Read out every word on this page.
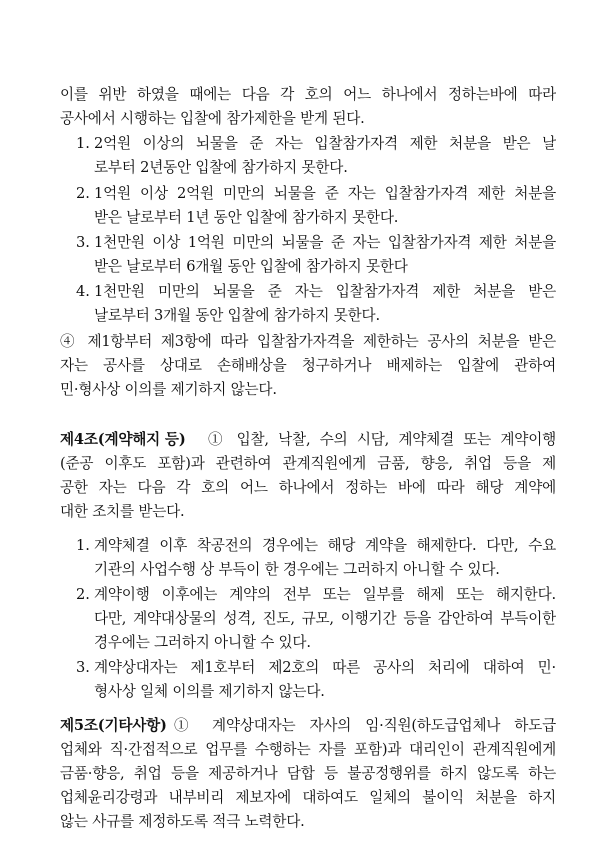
이를 위반 하였을 때에는 다음 각 호의 어느 하나에서 정하는바에 따라
공사에서 시행하는 입찰에 참가제한을 받게 된다.
1. 2억원 이상의 뇌물을 준 자는 입찰참가자격 제한 처분을 받은 날
로부터 2년동안 입찰에 참가하지 못한다.
2. 1억원 이상 2억원 미만의 뇌물을 준 자는 입찰참가자격 제한 처분을
받은 날로부터 1년 동안 입찰에 참가하지 못한다.
3. 1천만원 이상 1억원 미만의 뇌물을 준 자는 입찰참가자격 제한 처분을
받은 날로부터 6개월 동안 입찰에 참가하지 못한다
4. 1천만원 미만의 뇌물을 준 자는 입찰참가자격 제한 처분을 받은
날로부터 3개월 동안 입찰에 참가하지 못한다.
④ 제1항부터 제3항에 따라 입찰참가자격을 제한하는 공사의 처분을 받은
자는 공사를 상대로 손해배상을 청구하거나 배제하는 입찰에 관하여
민·형사상 이의를 제기하지 않는다.
제4조(계약해지 등) ① 입찰, 낙찰, 수의 시담, 계약체결 또는 계약이행
(준공 이후도 포함)과 관련하여 관계직원에게 금품, 향응, 취업 등을 제
공한 자는 다음 각 호의 어느 하나에서 정하는 바에 따라 해당 계약에
대한 조치를 받는다.
1. 계약체결 이후 착공전의 경우에는 해당 계약을 해제한다. 다만, 수요
기관의 사업수행 상 부득이 한 경우에는 그러하지 아니할 수 있다.
2. 계약이행 이후에는 계약의 전부 또는 일부를 해제 또는 해지한다.
다만, 계약대상물의 성격, 진도, 규모, 이행기간 등을 감안하여 부득이한
경우에는 그러하지 아니할 수 있다.
3. 계약상대자는 제1호부터 제2호의 따른 공사의 처리에 대하여 민·
형사상 일체 이의를 제기하지 않는다.
제5조(기타사항) ① 계약상대자는 자사의 임·직원(하도급업체나 하도급
업체와 직·간접적으로 업무를 수행하는 자를 포함)과 대리인이 관계직원에게
금품·향응, 취업 등을 제공하거나 담합 등 불공정행위를 하지 않도록 하는
업체윤리강령과 내부비리 제보자에 대하여도 일체의 불이익 처분을 하지
않는 사규를 제정하도록 적극 노력한다.
